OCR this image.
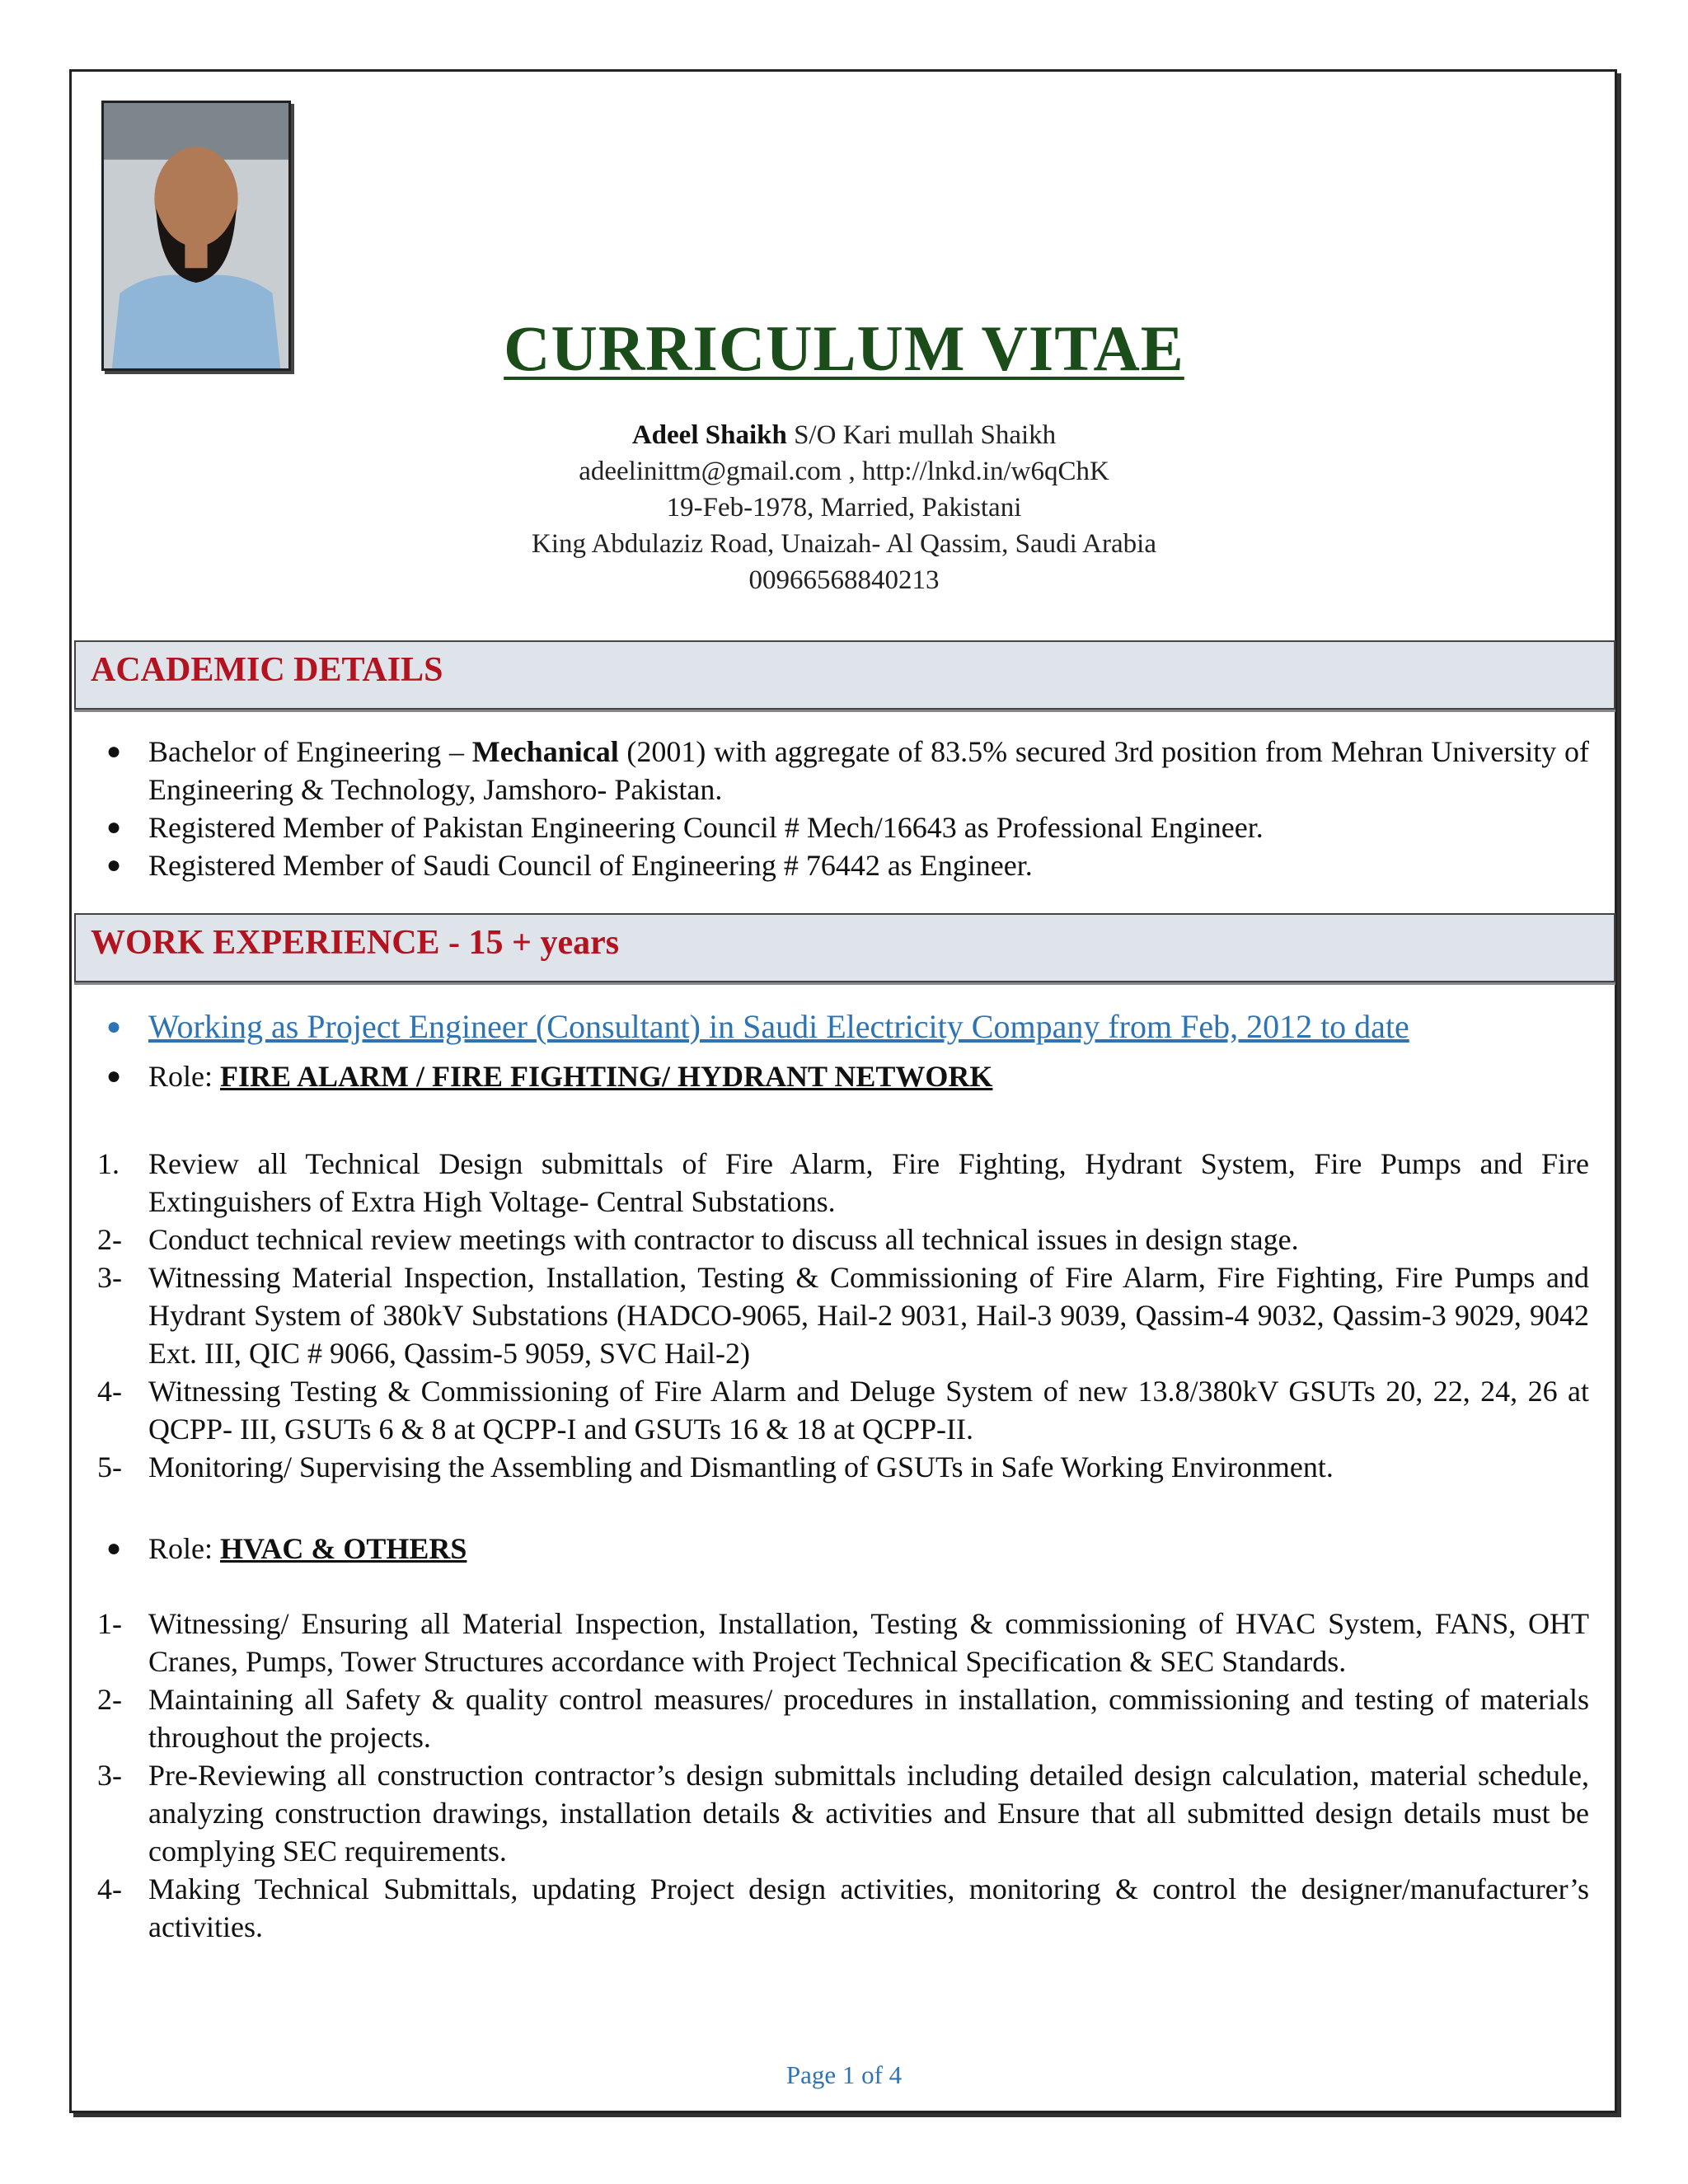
CURRICULUM VITAE
Adeel Shaikh S/O Kari mullah Shaikh
adeelinittm@gmail.com , http://lnkd.in/w6qChK
19-Feb-1978, Married, Pakistani
King Abdulaziz Road, Unaizah- Al Qassim, Saudi Arabia
00966568840213
ACADEMIC DETAILS
● Bachelor of Engineering – Mechanical (2001) with aggregate of 83.5% secured 3rd position from Mehran University of Engineering & Technology, Jamshoro- Pakistan.
● Registered Member of Pakistan Engineering Council # Mech/16643 as Professional Engineer.
● Registered Member of Saudi Council of Engineering # 76442 as Engineer.
WORK EXPERIENCE - 15 + years
● Working as Project Engineer (Consultant) in Saudi Electricity Company from Feb, 2012 to date
● Role: FIRE ALARM / FIRE FIGHTING/ HYDRANT NETWORK
1. Review all Technical Design submittals of Fire Alarm, Fire Fighting, Hydrant System, Fire Pumps and Fire Extinguishers of Extra High Voltage- Central Substations.
2- Conduct technical review meetings with contractor to discuss all technical issues in design stage.
3- Witnessing Material Inspection, Installation, Testing & Commissioning of Fire Alarm, Fire Fighting, Fire Pumps and Hydrant System of 380kV Substations (HADCO-9065, Hail-2 9031, Hail-3 9039, Qassim-4 9032, Qassim-3 9029, 9042 Ext. III, QIC # 9066, Qassim-5 9059, SVC Hail-2)
4- Witnessing Testing & Commissioning of Fire Alarm and Deluge System of new 13.8/380kV GSUTs 20, 22, 24, 26 at QCPP- III, GSUTs 6 & 8 at QCPP-I and GSUTs 16 & 18 at QCPP-II.
5- Monitoring/ Supervising the Assembling and Dismantling of GSUTs in Safe Working Environment.
● Role: HVAC & OTHERS
1- Witnessing/ Ensuring all Material Inspection, Installation, Testing & commissioning of HVAC System, FANS, OHT Cranes, Pumps, Tower Structures accordance with Project Technical Specification & SEC Standards.
2- Maintaining all Safety & quality control measures/ procedures in installation, commissioning and testing of materials throughout the projects.
3- Pre-Reviewing all construction contractor’s design submittals including detailed design calculation, material schedule, analyzing construction drawings, installation details & activities and Ensure that all submitted design details must be complying SEC requirements.
4- Making Technical Submittals, updating Project design activities, monitoring & control the designer/manufacturer’s activities.
Page 1 of 4
